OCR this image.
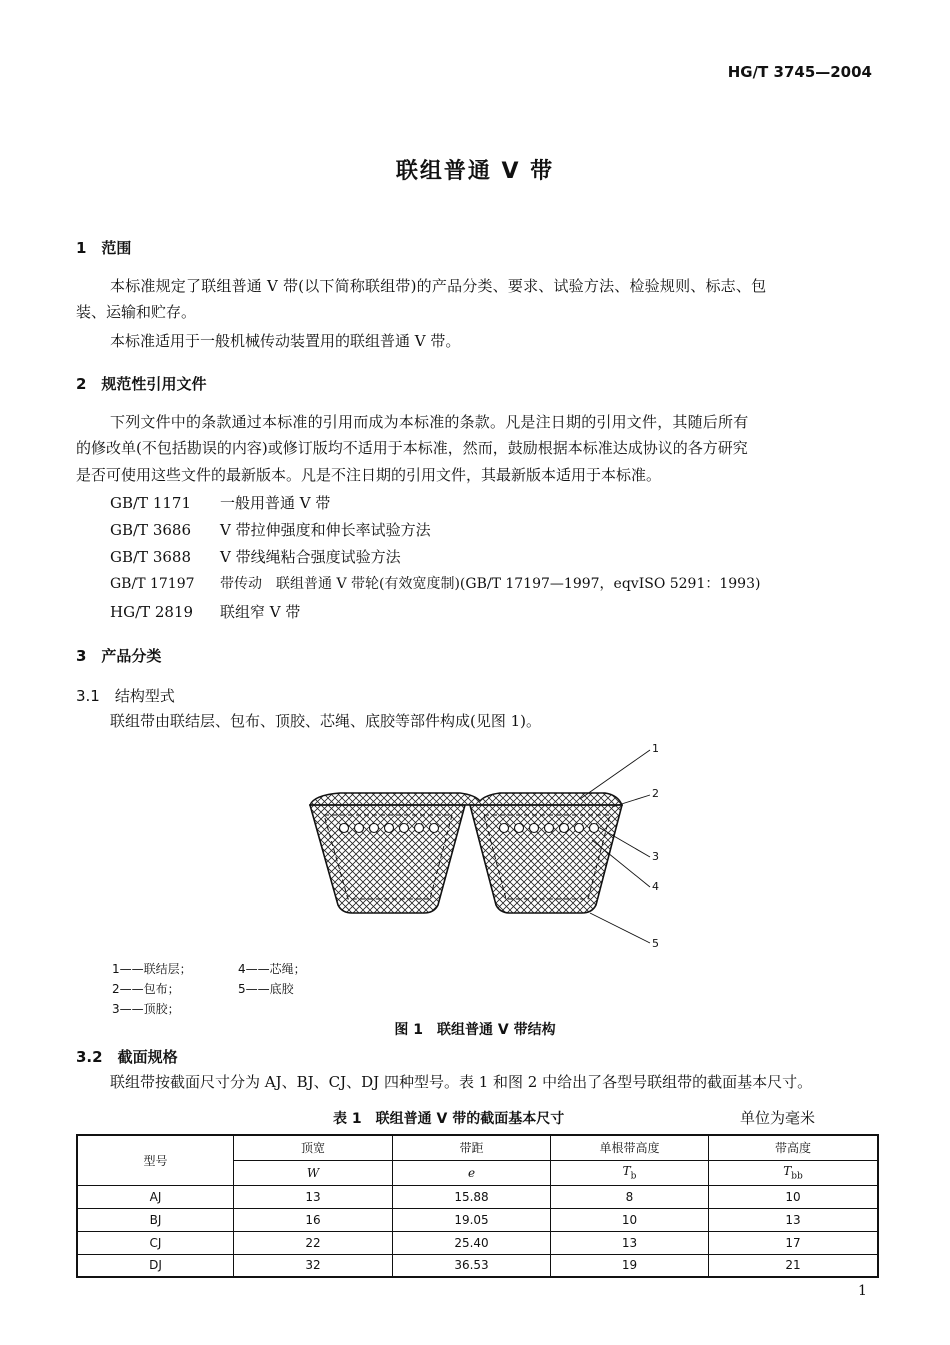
HG/T 3745—2004
联组普通 V 带
1　范围
本标准规定了联组普通 V 带(以下简称联组带)的产品分类、要求、试验方法、检验规则、标志、包
装、运输和贮存。
本标准适用于一般机械传动装置用的联组普通 V 带。
2　规范性引用文件
下列文件中的条款通过本标准的引用而成为本标准的条款。凡是注日期的引用文件，其随后所有
的修改单(不包括勘误的内容)或修订版均不适用于本标准，然而，鼓励根据本标准达成协议的各方研究
是否可使用这些文件的最新版本。凡是不注日期的引用文件，其最新版本适用于本标准。
GB/T 1171 一般用普通 V 带
GB/T 3686 V 带拉伸强度和伸长率试验方法
GB/T 3688 V 带线绳粘合强度试验方法
GB/T 17197 带传动　联组普通 V 带轮(有效宽度制)(GB/T 17197—1997，eqvISO 5291：1993)
HG/T 2819 联组窄 V 带
3　产品分类
3.1　结构型式
联组带由联结层、包布、顶胶、芯绳、底胶等部件构成(见图 1)。
1
2
3
4
5
1——联结层；
2——包布；
3——顶胶；
4——芯绳；
5——底胶
图 1　联组普通 V 带结构
3.2　截面规格
联组带按截面尺寸分为 AJ、BJ、CJ、DJ 四种型号。表 1 和图 2 中给出了各型号联组带的截面基本尺寸。
表 1　联组普通 V 带的截面基本尺寸	单位为毫米
型号	顶宽	带距	单根带高度	带高度
	W	e	$T_b$	$T_{bb}$
AJ	13	15.88	8	10
BJ	16	19.05	10	13
CJ	22	25.40	13	17
DJ	32	36.53	19	21
1
